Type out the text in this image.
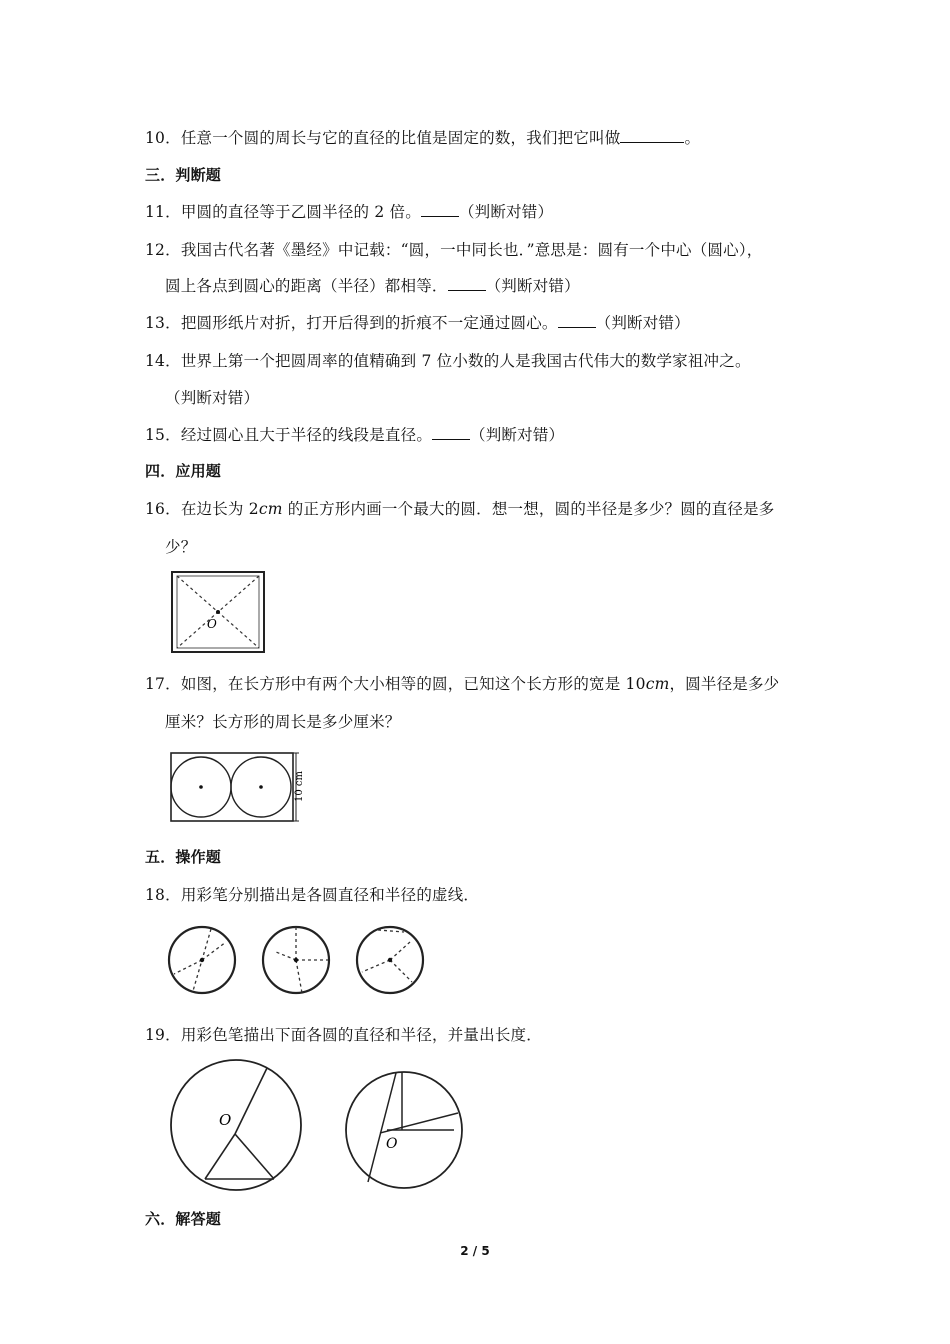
10．任意一个圆的周长与它的直径的比值是固定的数，我们把它叫做	。
三．判断题
11．甲圆的直径等于乙圆半径的 2 倍。 （判断对错）
12．我国古代名著《墨经》中记载：“圆，一中同长也．”意思是：圆有一个中心（圆心），
圆上各点到圆心的距离（半径）都相等． （判断对错）
13．把圆形纸片对折，打开后得到的折痕不一定通过圆心。 （判断对错）
14．世界上第一个把圆周率的值精确到 7 位小数的人是我国古代伟大的数学家祖冲之。
（判断对错）
15．经过圆心且大于半径的线段是直径。 （判断对错）
四．应用题
16．在边长为 2cm 的正方形内画一个最大的圆．想一想，圆的半径是多少？圆的直径是多
少？
O
17．如图，在长方形中有两个大小相等的圆，已知这个长方形的宽是 10cm，圆半径是多少
厘米？长方形的周长是多少厘米？
10 cm
五．操作题
18．用彩笔分别描出是各圆直径和半径的虚线．
19．用彩色笔描出下面各圆的直径和半径，并量出长度．
O
O
六．解答题
2 / 5
